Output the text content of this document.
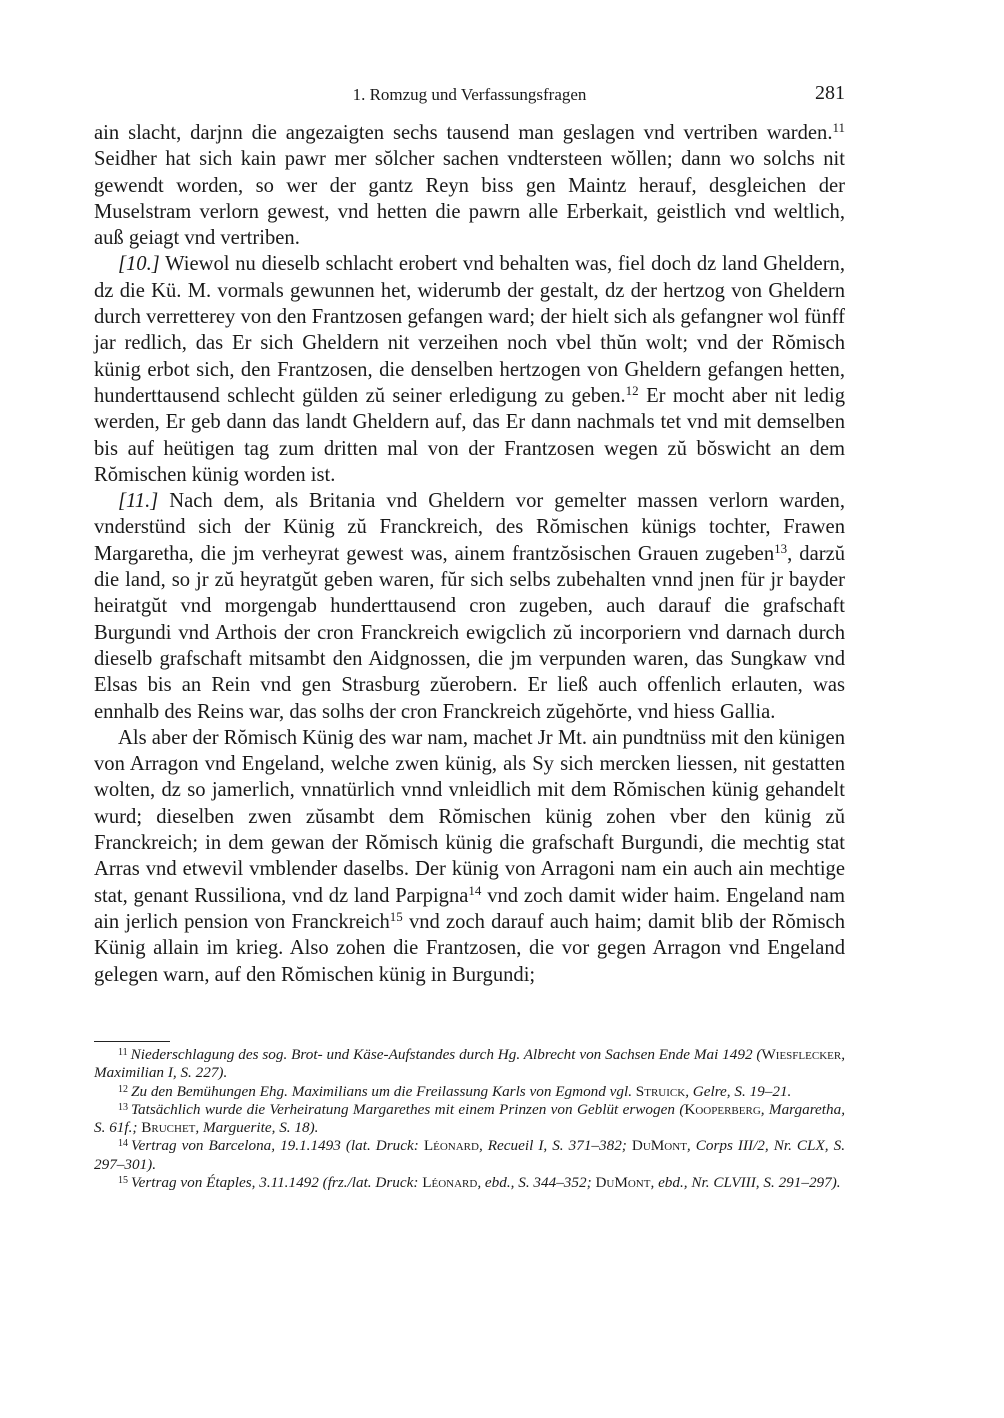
1. Romzug und Verfassungsfragen	281

ain slacht, darjnn die angezaigten sechs tausend man geslagen vnd vertriben warden.$^{11}$ Seidher hat sich kain pawr mer sŏlcher sachen vndtersteen wŏllen; dann wo solchs nit gewendt worden, so wer der gantz Reyn biss gen Maintz herauf, desgleichen der Muselstram verlorn gewest, vnd hetten die pawrn alle Erberkait, geistlich vnd weltlich, auß geiagt vnd vertriben.

[10.] Wiewol nu dieselb schlacht erobert vnd behalten was, fiel doch dz land Gheldern, dz die Kü. M. vormals gewunnen het, widerumb der gestalt, dz der hertzog von Gheldern durch verretterey von den Frantzosen gefangen ward; der hielt sich als gefangner wol fünff jar redlich, das Er sich Gheldern nit verzeihen noch vbel thŭn wolt; vnd der Rŏmisch künig erbot sich, den Frantzosen, die denselben hertzogen von Gheldern gefangen hetten, hunderttausend schlecht gülden zŭ seiner erledigung zu geben.$^{12}$ Er mocht aber nit ledig werden, Er geb dann das landt Gheldern auf, das Er dann nachmals tet vnd mit demselben bis auf heütigen tag zum dritten mal von der Frantzosen wegen zŭ bŏswicht an dem Rŏmischen künig worden ist.

[11.] Nach dem, als Britania vnd Gheldern vor gemelter massen verlorn warden, vnderstünd sich der Künig zŭ Franckreich, des Rŏmischen künigs tochter, Frawen Margaretha, die jm verheyrat gewest was, ainem frantzŏsischen Grauen zugeben$^{13}$, darzŭ die land, so jr zŭ heyratgŭt geben waren, fŭr sich selbs zubehalten vnnd jnen für jr bayder heiratgŭt vnd morgengab hunderttausend cron zugeben, auch darauf die grafschaft Burgundi vnd Arthois der cron Franckreich ewigclich zŭ incorporiern vnd darnach durch dieselb grafschaft mitsambt den Aidgnossen, die jm verpunden waren, das Sungkaw vnd Elsas bis an Rein vnd gen Strasburg zŭerobern. Er ließ auch offenlich erlauten, was ennhalb des Reins war, das solhs der cron Franckreich zŭgehŏrte, vnd hiess Gallia.

Als aber der Rŏmisch Künig des war nam, machet Jr Mt. ain pundtnüss mit den künigen von Arragon vnd Engeland, welche zwen künig, als Sy sich mercken liessen, nit gestatten wolten, dz so jamerlich, vnnatürlich vnnd vnleidlich mit dem Rŏmischen künig gehandelt wurd; dieselben zwen zŭsambt dem Rŏmischen künig zohen vber den künig zŭ Franckreich; in dem gewan der Rŏmisch künig die grafschaft Burgundi, die mechtig stat Arras vnd etwevil vmblender daselbs. Der künig von Arragoni nam ein auch ain mechtige stat, genant Russiliona, vnd dz land Parpigna$^{14}$ vnd zoch damit wider haim. Engeland nam ain jerlich pension von Franckreich$^{15}$ vnd zoch darauf auch haim; damit blib der Rŏmisch Künig allain im krieg. Also zohen die Frantzosen, die vor gegen Arragon vnd Engeland gelegen warn, auf den Rŏmischen künig in Burgundi;

$^{11}$ Niederschlagung des sog. Brot- und Käse-Aufstandes durch Hg. Albrecht von Sachsen Ende Mai 1492 (Wiesflecker, Maximilian I, S. 227).

$^{12}$ Zu den Bemühungen Ehg. Maximilians um die Freilassung Karls von Egmond vgl. Struick, Gelre, S. 19–21.

$^{13}$ Tatsächlich wurde die Verheiratung Margarethes mit einem Prinzen von Geblüt erwogen (Kooperberg, Margaretha, S. 61f.; Bruchet, Marguerite, S. 18).

$^{14}$ Vertrag von Barcelona, 19.1.1493 (lat. Druck: Léonard, Recueil I, S. 371–382; DuMont, Corps III/2, Nr. CLX, S. 297–301).

$^{15}$ Vertrag von Étaples, 3.11.1492 (frz./lat. Druck: Léonard, ebd., S. 344–352; DuMont, ebd., Nr. CLVIII, S. 291–297).
